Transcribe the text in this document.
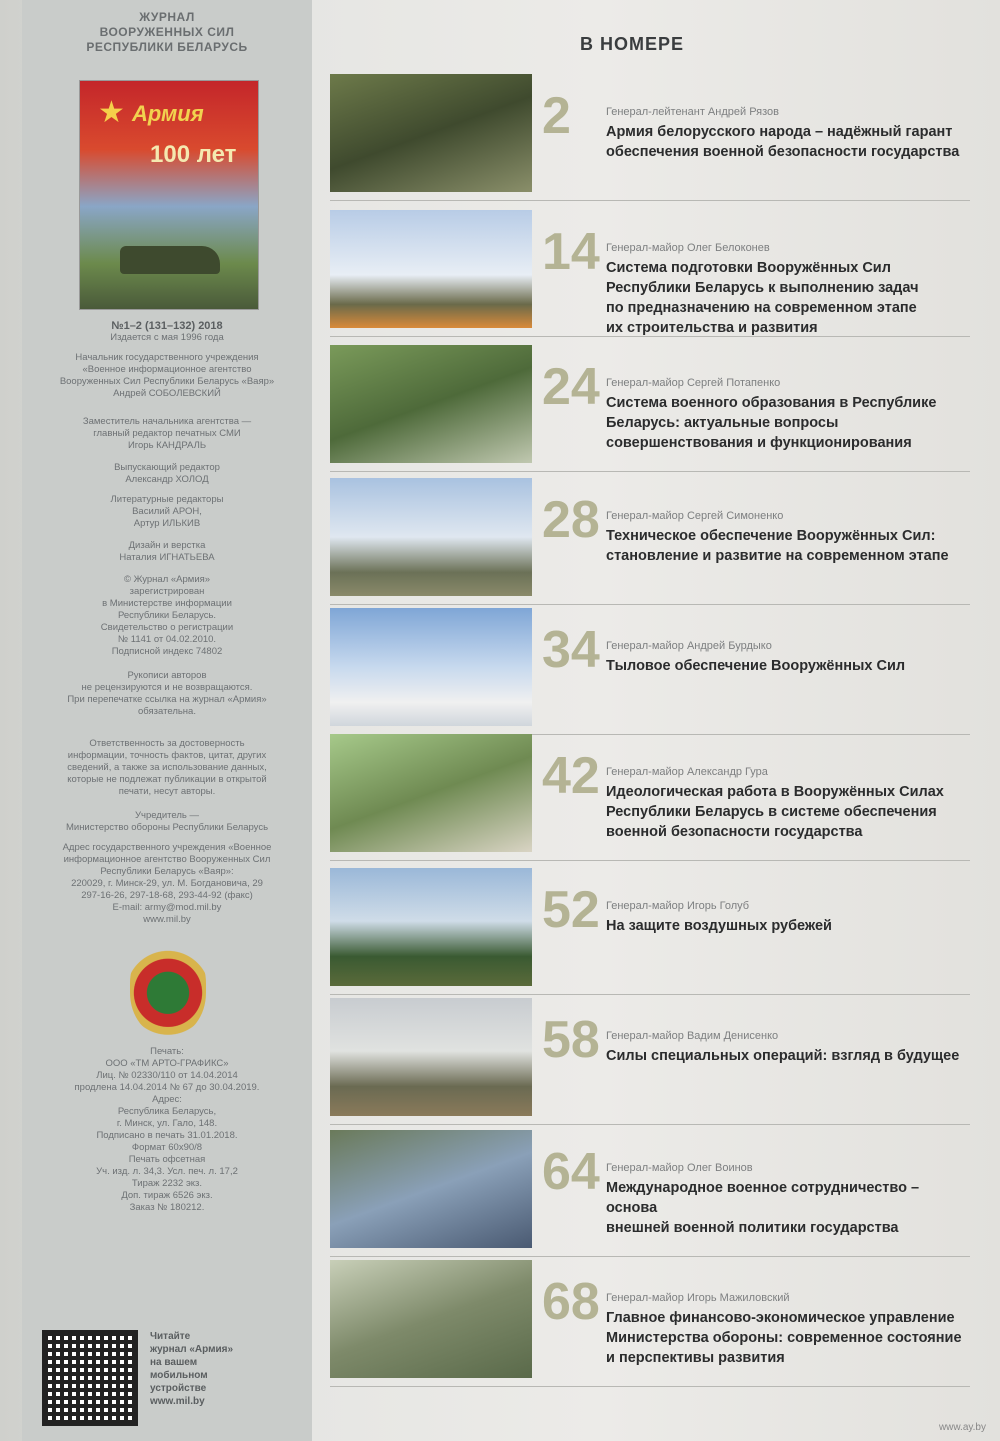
ЖУРНАЛ
ВООРУЖЕННЫХ СИЛ
РЕСПУБЛИКИ БЕЛАРУСЬ
★ Армия
100 лет
№1–2 (131–132) 2018
Издается с мая 1996 года
Начальник государственного учреждения
«Военное информационное агентство
Вооруженных Сил Республики Беларусь «Ваяр»
Андрей СОБОЛЕВСКИЙ
Заместитель начальника агентства —
главный редактор печатных СМИ
Игорь КАНДРАЛЬ
Выпускающий редактор
Александр ХОЛОД
Литературные редакторы
Василий АРОН,
Артур ИЛЬКИВ
Дизайн и верстка
Наталия ИГНАТЬЕВА
© Журнал «Армия»
зарегистрирован
в Министерстве информации
Республики Беларусь.
Свидетельство о регистрации
№ 1141 от 04.02.2010.
Подписной индекс 74802
Рукописи авторов
не рецензируются и не возвращаются.
При перепечатке ссылка на журнал «Армия»
обязательна.
Ответственность за достоверность
информации, точность фактов, цитат, других
сведений, а также за использование данных,
которые не подлежат публикации в открытой
печати, несут авторы.
Учредитель —
Министерство обороны Республики Беларусь
Адрес государственного учреждения «Военное
информационное агентство Вооруженных Сил
Республики Беларусь «Ваяр»:
220029, г. Минск-29, ул. М. Богдановича, 29
297-16-26, 297-18-68, 293-44-92 (факс)
E-mail: army@mod.mil.by
www.mil.by
Печать:
ООО «ТМ АРТО-ГРАФИКС»
Лиц. № 02330/110 от 14.04.2014
продлена 14.04.2014 № 67 до 30.04.2019.
Адрес:
Республика Беларусь,
г. Минск, ул. Гало, 148.
Подписано в печать 31.01.2018.
Формат 60х90/8
Печать офсетная
Уч. изд. л. 34,3. Усл. печ. л. 17,2
Тираж 2232 экз.
Доп. тираж 6526 экз.
Заказ № 180212.
Читайте
журнал «Армия»
на вашем
мобильном
устройстве
www.mil.by
В НОМЕРЕ
2	Генерал-лейтенант Андрей Рязов
Армия белорусского народа – надёжный гарант
обеспечения военной безопасности государства
14 Генерал-майор Олег Белоконев
Система подготовки Вооружённых Сил
Республики Беларусь к выполнению задач
по предназначению на современном этапе
их строительства и развития
24 Генерал-майор Сергей Потапенко
Система военного образования в Республике
Беларусь: актуальные вопросы
совершенствования и функционирования
28 Генерал-майор Сергей Симоненко
Техническое обеспечение Вооружённых Сил:
становление и развитие на современном этапе
34 Генерал-майор Андрей Бурдыко
Тыловое обеспечение Вооружённых Сил
42 Генерал-майор Александр Гура
Идеологическая работа в Вооружённых Силах
Республики Беларусь в системе обеспечения
военной безопасности государства
52 Генерал-майор Игорь Голуб
На защите воздушных рубежей
58 Генерал-майор Вадим Денисенко
Силы специальных операций: взгляд в будущее
64 Генерал-майор Олег Воинов
Международное военное сотрудничество – основа
внешней военной политики государства
68 Генерал-майор Игорь Мажиловский
Главное финансово-экономическое управление
Министерства обороны: современное состояние
и перспективы развития
www.ay.by
